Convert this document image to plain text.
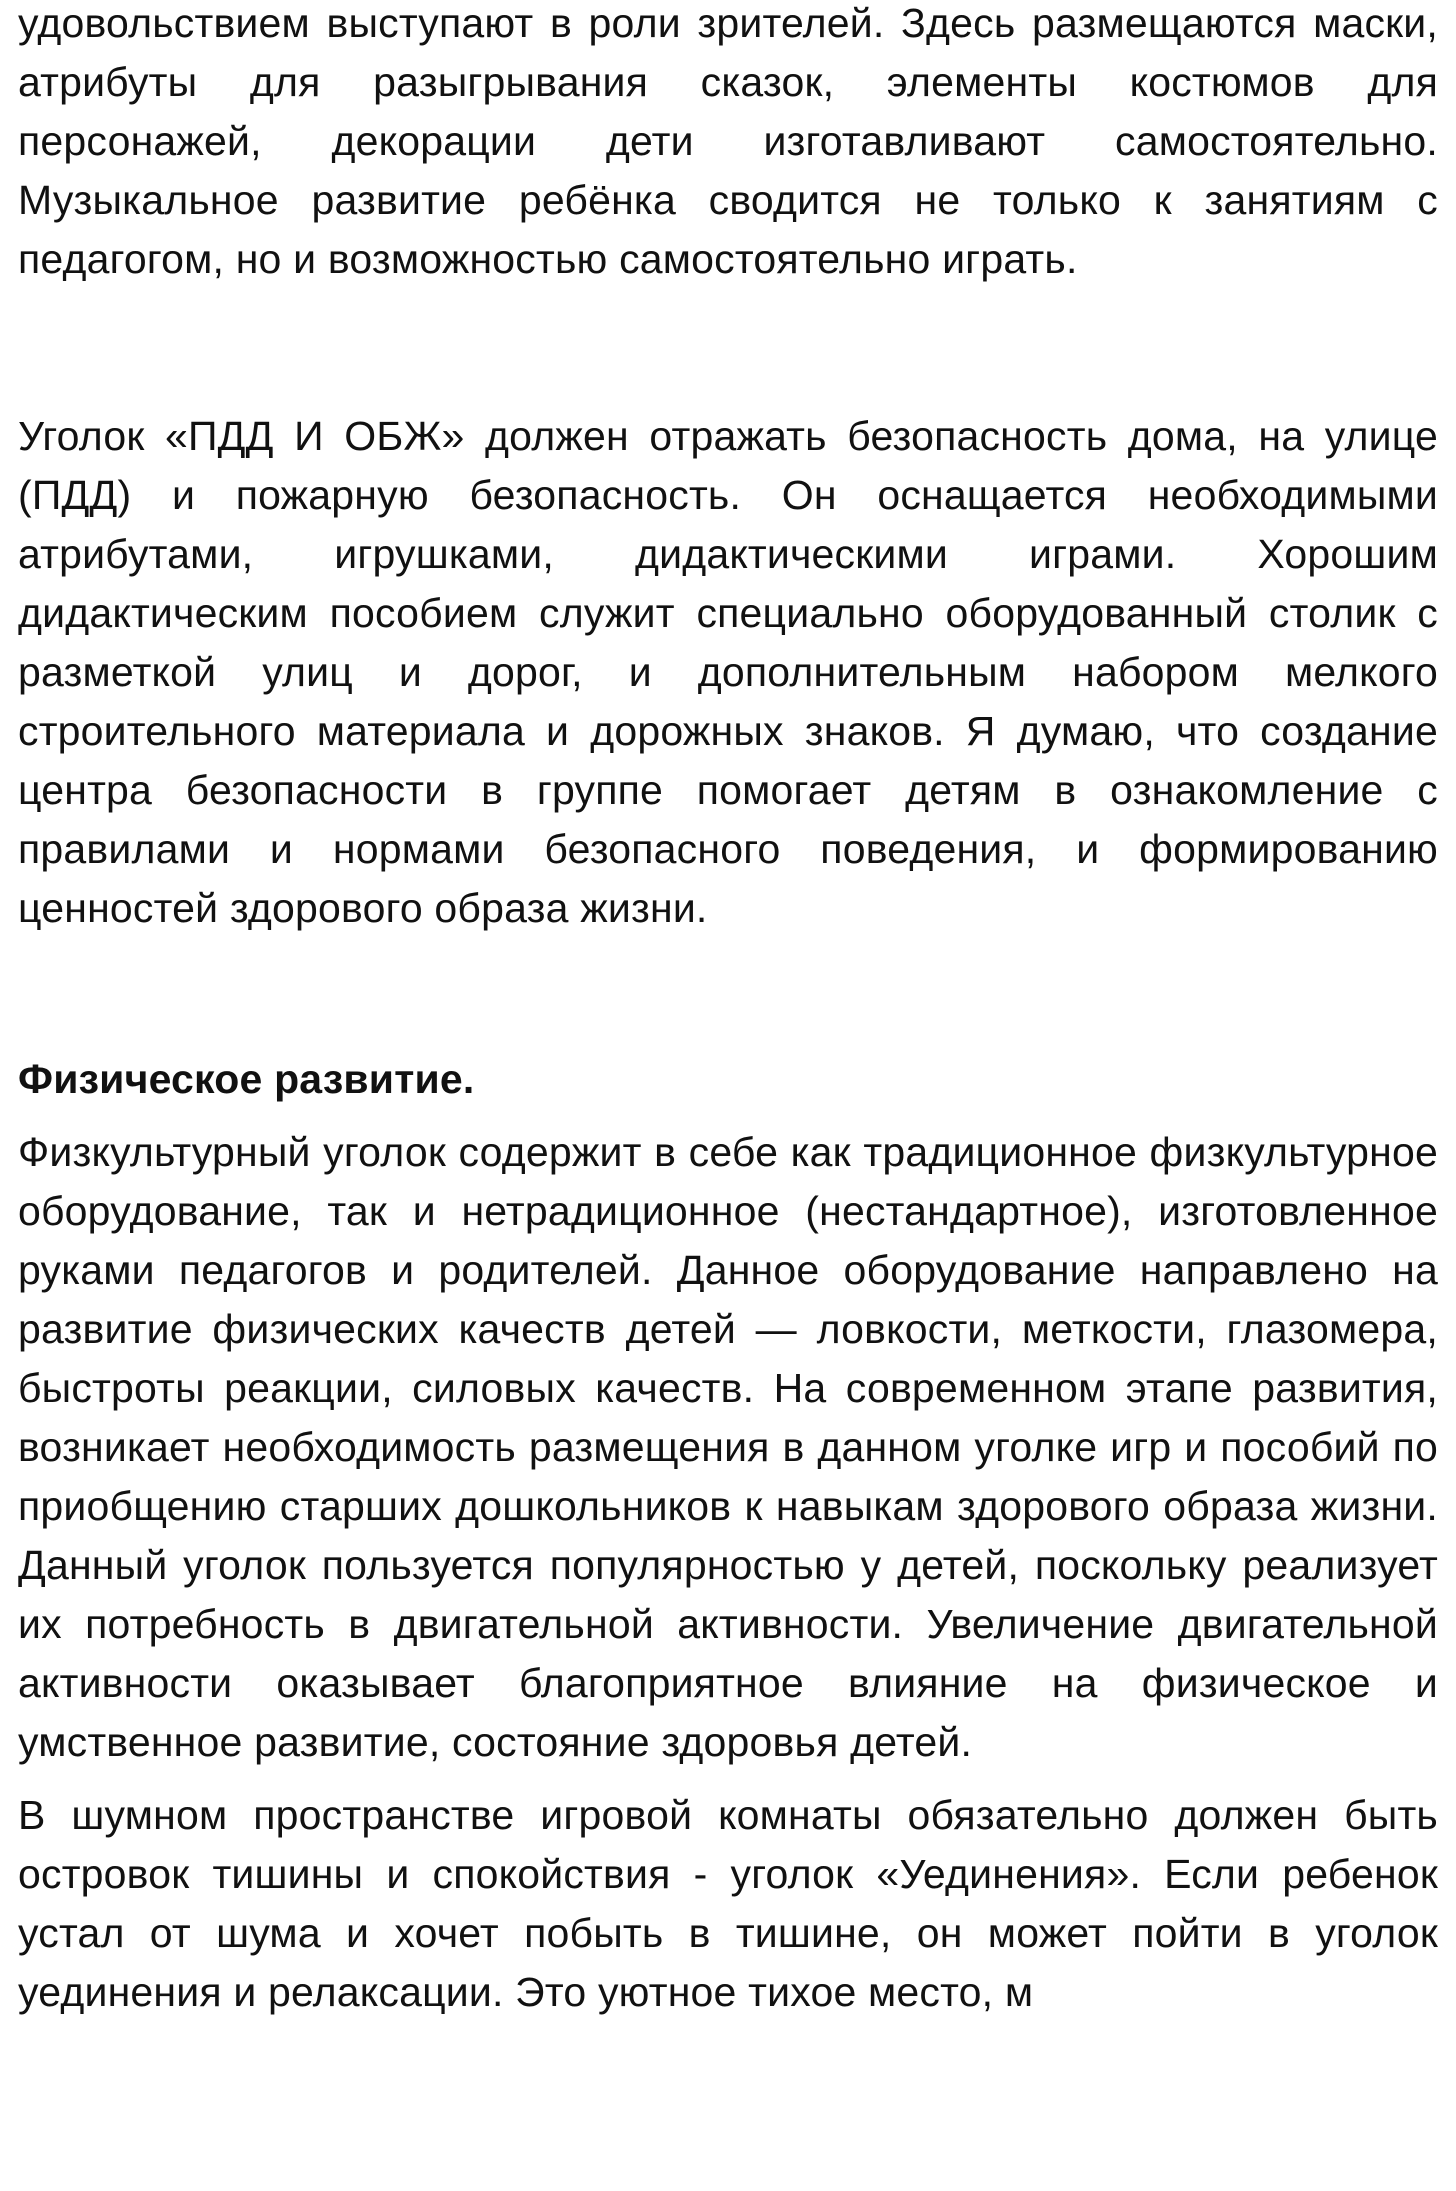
удовольствием выступают в роли зрителей. Здесь размещаются маски, атрибуты для разыгрывания сказок, элементы костюмов для персонажей, декорации дети изготавливают самостоятельно. Музыкальное развитие ребёнка сводится не только к занятиям с педагогом, но и возможностью самостоятельно играть.

Уголок «ПДД И ОБЖ» должен отражать безопасность дома, на улице (ПДД) и пожарную безопасность. Он оснащается необходимыми атрибутами, игрушками, дидактическими играми. Хорошим дидактическим пособием служит специально оборудованный столик с разметкой улиц и дорог, и дополнительным набором мелкого строительного материала и дорожных знаков. Я думаю, что создание центра безопасности в группе помогает детям в ознакомление с правилами и нормами безопасного поведения, и формированию ценностей здорового образа жизни.

Физическое развитие.

Физкультурный уголок содержит в себе как традиционное физкультурное оборудование, так и нетрадиционное (нестандартное), изготовленное руками педагогов и родителей. Данное оборудование направлено на развитие физических качеств детей — ловкости, меткости, глазомера, быстроты реакции, силовых качеств. На современном этапе развития, возникает необходимость размещения в данном уголке игр и пособий по приобщению старших дошкольников к навыкам здорового образа жизни. Данный уголок пользуется популярностью у детей, поскольку реализует их потребность в двигательной активности. Увеличение двигательной активности оказывает благоприятное влияние на физическое и умственное развитие, состояние здоровья детей.

В шумном пространстве игровой комнаты обязательно должен быть островок тишины и спокойствия - уголок «Уединения». Если ребенок устал от шума и хочет побыть в тишине, он может пойти в уголок уединения и релаксации. Это уютное тихое место, м
